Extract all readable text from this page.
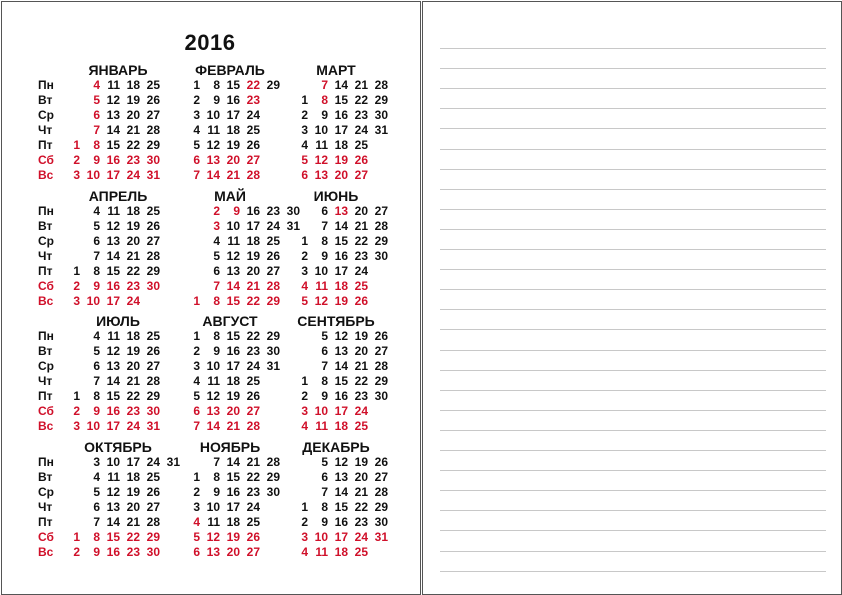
2016
ЯНВАРЬ
Пн
Вт
Ср
Чт
Пт
Сб
Вс
1
2
3
4
5
6
7
8
9
10
11
12
13
14
15
16
17
18
19
20
21
22
23
24
25
26
27
28
29
30
31
ФЕВРАЛЬ
1
2
3
4
5
6
7
8
9
10
11
12
13
14
15
16
17
18
19
20
21
22
23
24
25
26
27
28
29
МАРТ
1
2
3
4
5
6
7
8
9
10
11
12
13
14
15
16
17
18
19
20
21
22
23
24
25
26
27
28
29
30
31
АПРЕЛЬ
Пн
Вт
Ср
Чт
Пт
Сб
Вс
1
2
3
4
5
6
7
8
9
10
11
12
13
14
15
16
17
18
19
20
21
22
23
24
25
26
27
28
29
30
МАЙ
1
2
3
4
5
6
7
8
9
10
11
12
13
14
15
16
17
18
19
20
21
22
23
24
25
26
27
28
29
30
31
ИЮНЬ
1
2
3
4
5
6
7
8
9
10
11
12
13
14
15
16
17
18
19
20
21
22
23
24
25
26
27
28
29
30
ИЮЛЬ
Пн
Вт
Ср
Чт
Пт
Сб
Вс
1
2
3
4
5
6
7
8
9
10
11
12
13
14
15
16
17
18
19
20
21
22
23
24
25
26
27
28
29
30
31
АВГУСТ
1
2
3
4
5
6
7
8
9
10
11
12
13
14
15
16
17
18
19
20
21
22
23
24
25
26
27
28
29
30
31
СЕНТЯБРЬ
1
2
3
4
5
6
7
8
9
10
11
12
13
14
15
16
17
18
19
20
21
22
23
24
25
26
27
28
29
30
ОКТЯБРЬ
Пн
Вт
Ср
Чт
Пт
Сб
Вс
1
2
3
4
5
6
7
8
9
10
11
12
13
14
15
16
17
18
19
20
21
22
23
24
25
26
27
28
29
30
31
НОЯБРЬ
1
2
3
4
5
6
7
8
9
10
11
12
13
14
15
16
17
18
19
20
21
22
23
24
25
26
27
28
29
30
ДЕКАБРЬ
1
2
3
4
5
6
7
8
9
10
11
12
13
14
15
16
17
18
19
20
21
22
23
24
25
26
27
28
29
30
31
